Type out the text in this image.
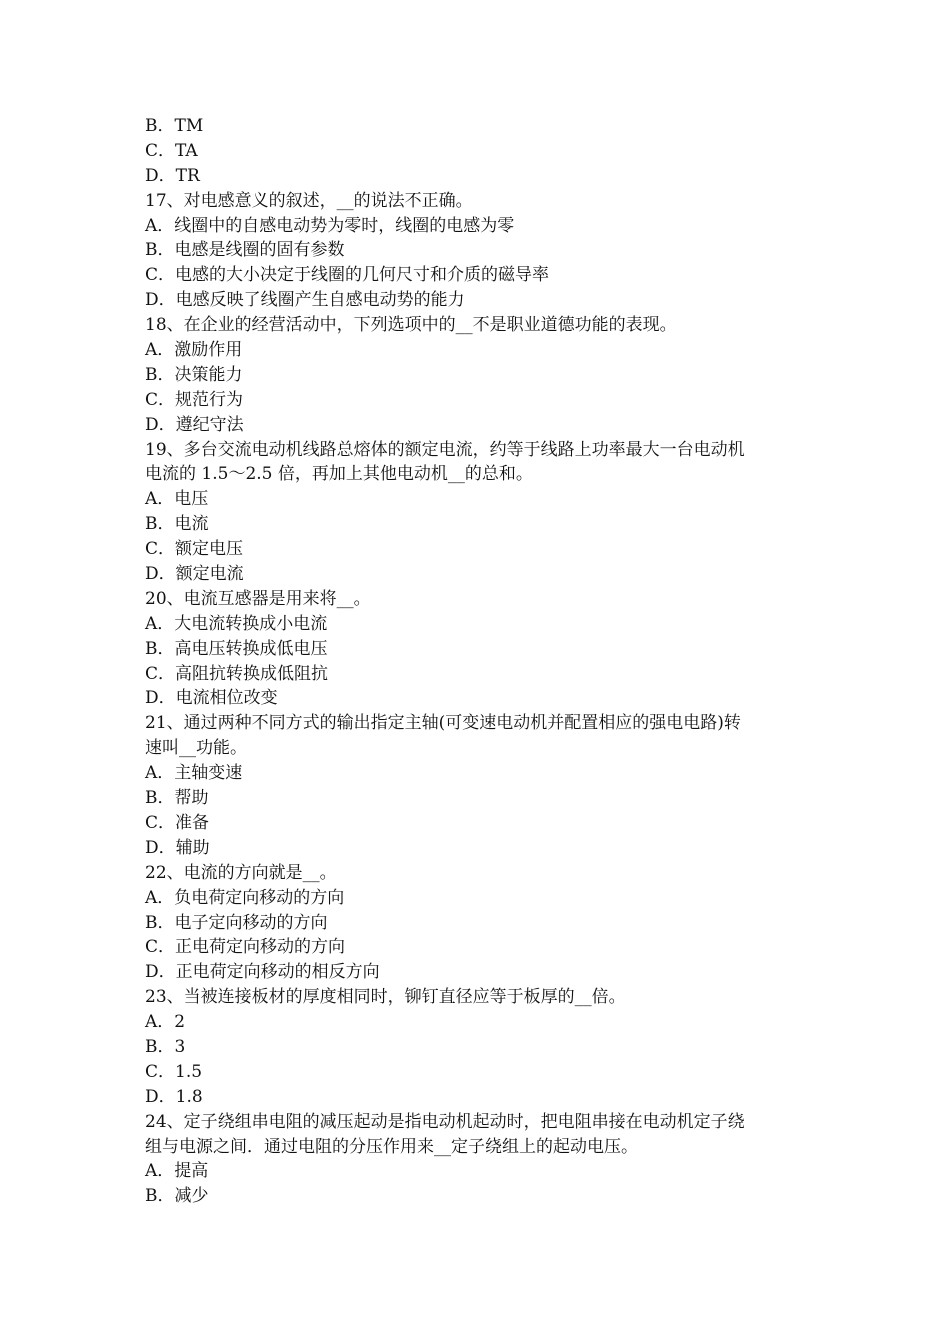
B．TM
C．TA
D．TR
17、对电感意义的叙述，__的说法不正确。
A．线圈中的自感电动势为零时，线圈的电感为零
B．电感是线圈的固有参数
C．电感的大小决定于线圈的几何尺寸和介质的磁导率
D．电感反映了线圈产生自感电动势的能力
18、在企业的经营活动中，下列选项中的__不是职业道德功能的表现。
A．激励作用
B．决策能力
C．规范行为
D．遵纪守法
19、多台交流电动机线路总熔体的额定电流，约等于线路上功率最大一台电动机
电流的 1.5～2.5 倍，再加上其他电动机__的总和。
A．电压
B．电流
C．额定电压
D．额定电流
20、电流互感器是用来将__。
A．大电流转换成小电流
B．高电压转换成低电压
C．高阻抗转换成低阻抗
D．电流相位改变
21、通过两种不同方式的输出指定主轴(可变速电动机并配置相应的强电电路)转
速叫__功能。
A．主轴变速
B．帮助
C．准备
D．辅助
22、电流的方向就是__。
A．负电荷定向移动的方向
B．电子定向移动的方向
C．正电荷定向移动的方向
D．正电荷定向移动的相反方向
23、当被连接板材的厚度相同时，铆钉直径应等于板厚的__倍。
A．2
B．3
C．1.5
D．1.8
24、定子绕组串电阻的减压起动是指电动机起动时，把电阻串接在电动机定子绕
组与电源之间．通过电阻的分压作用来__定子绕组上的起动电压。
A．提高
B．减少
